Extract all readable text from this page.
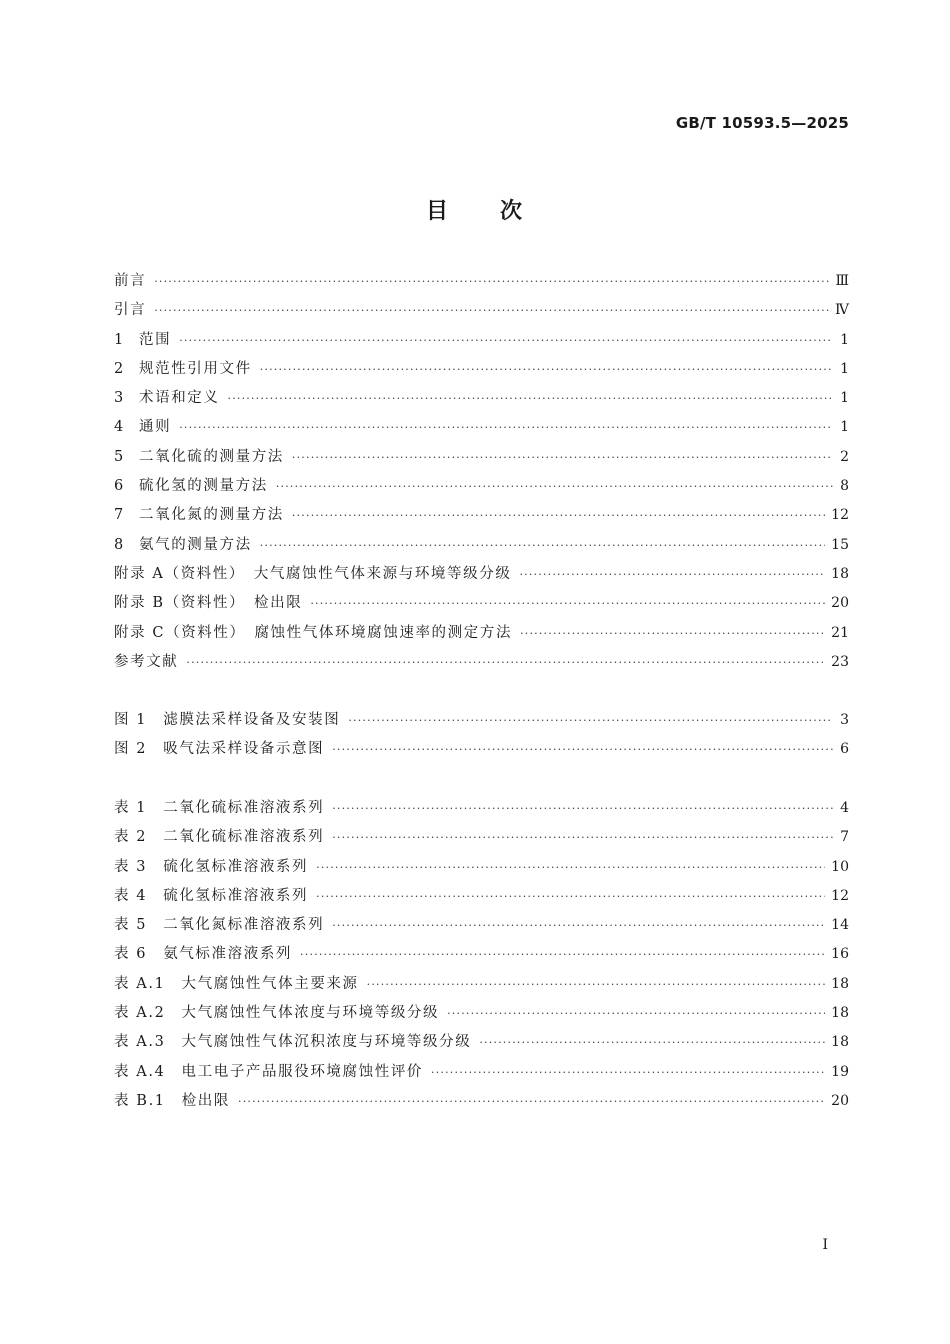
GB/T 10593.5—2025
目 次
前言 ·····	Ⅲ
引言 ·····	Ⅳ
1	范围 ·····	1
2	规范性引用文件 ·····	1
3	术语和定义 ·····	1
4	通则 ·····	1
5	二氧化硫的测量方法 ·····	2
6	硫化氢的测量方法 ·····	8
7	二氧化氮的测量方法 ·····	12
8	氨气的测量方法 ·····	15
附录 A（资料性）　大气腐蚀性气体来源与环境等级分级 ·····	18
附录 B（资料性）　检出限 ·····	20
附录 C（资料性）　腐蚀性气体环境腐蚀速率的测定方法 ·····	21
参考文献 ·····	23
图 1　滤膜法采样设备及安装图 ·····	3
图 2　吸气法采样设备示意图 ·····	6
表 1　二氧化硫标准溶液系列 ·····	4
表 2　二氧化硫标准溶液系列 ·····	7
表 3　硫化氢标准溶液系列 ·····	10
表 4　硫化氢标准溶液系列 ·····	12
表 5　二氧化氮标准溶液系列 ·····	14
表 6　氨气标准溶液系列 ·····	16
表 A.1　大气腐蚀性气体主要来源 ·····	18
表 A.2　大气腐蚀性气体浓度与环境等级分级 ·····	18
表 A.3　大气腐蚀性气体沉积浓度与环境等级分级 ·····	18
表 A.4　电工电子产品服役环境腐蚀性评价 ·····	19
表 B.1　检出限 ·····	20
Ⅰ
